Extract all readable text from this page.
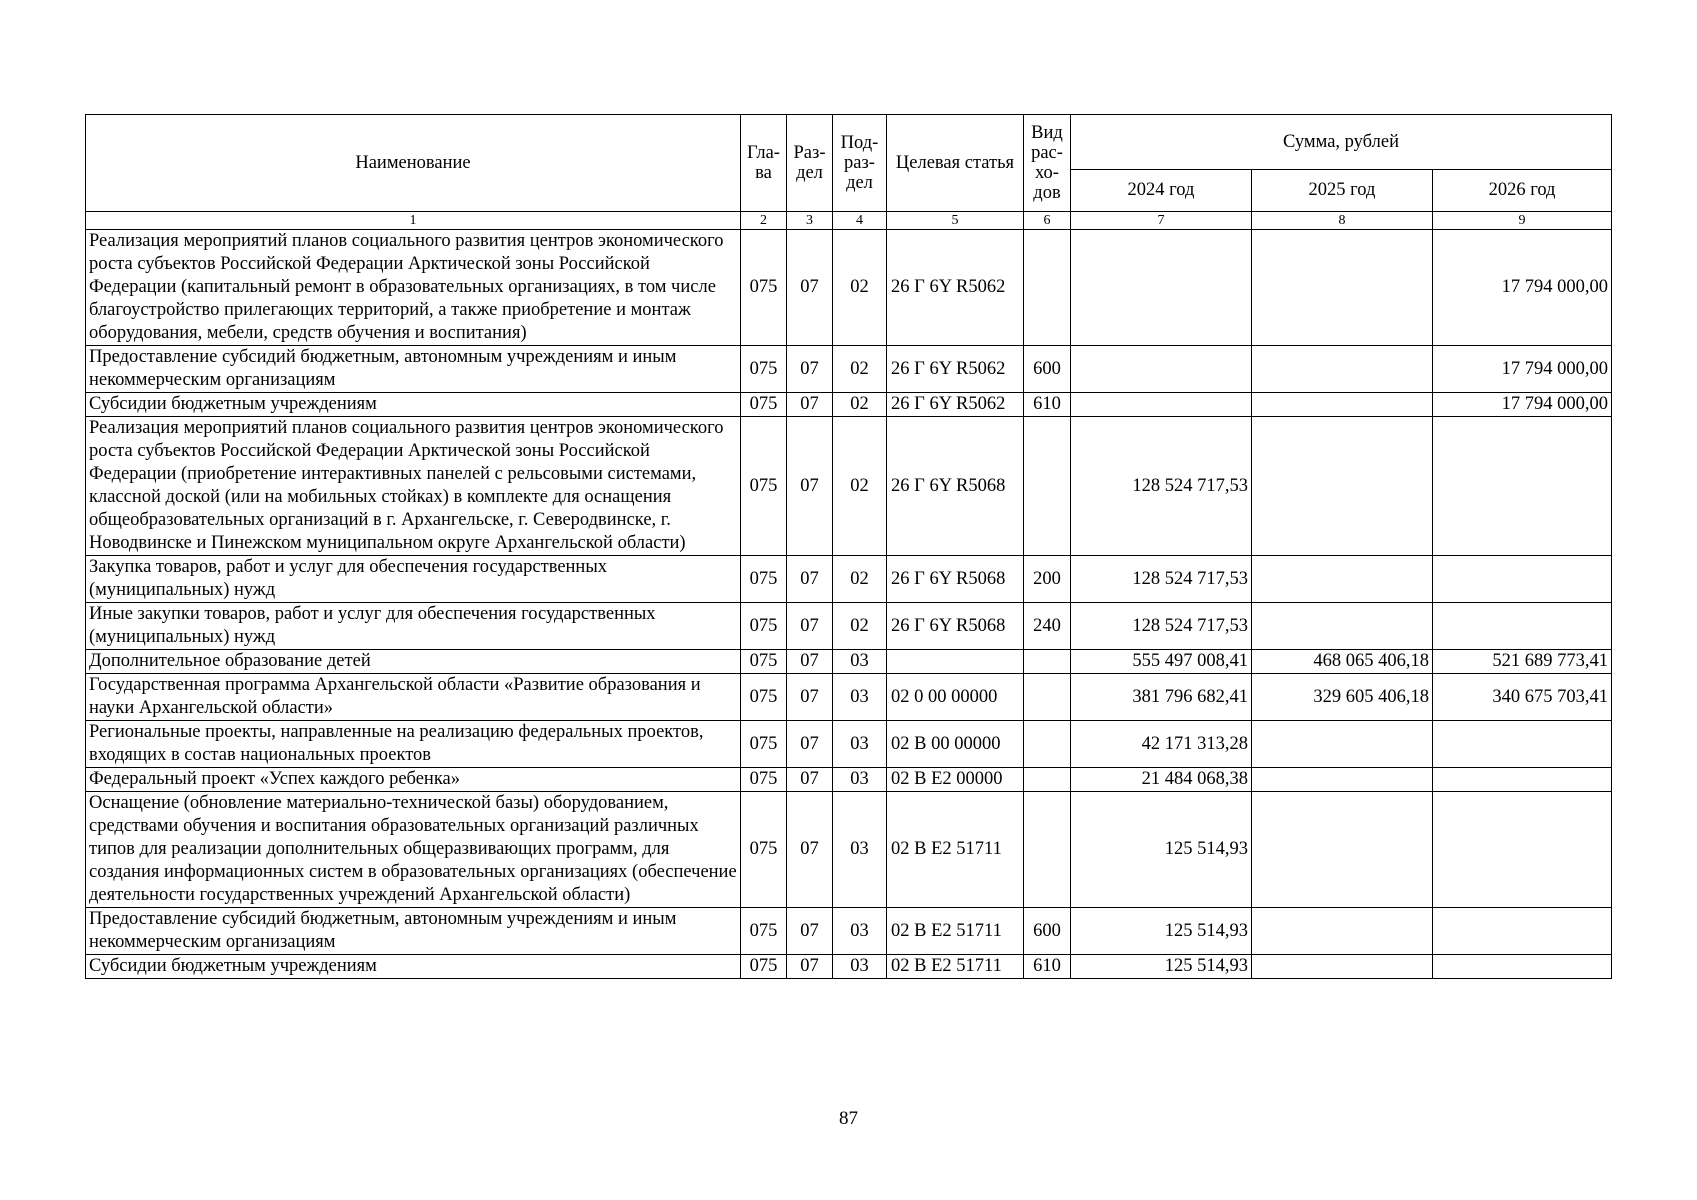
Наименование	Гла-ва	Раз-дел	Под-раз-дел	Целевая статья	Вид рас-хо-дов	Сумма, рублей		
						2024 год	2025 год	2026 год
1	2	3	4	5	6	7	8	9
Реализация мероприятий планов социального развития центров экономического роста субъектов Российской Федерации Арктической зоны Российской Федерации (капитальный ремонт в образовательных организациях, в том числе благоустройство прилегающих территорий, а также приобретение и монтаж оборудования, мебели, средств обучения и воспитания)	075	07	02	26 Г 6Y R5062				17 794 000,00
Предоставление субсидий бюджетным, автономным учреждениям и иным некоммерческим организациям	075	07	02	26 Г 6Y R5062	600			17 794 000,00
Субсидии бюджетным учреждениям	075	07	02	26 Г 6Y R5062	610			17 794 000,00
Реализация мероприятий планов социального развития центров экономического роста субъектов Российской Федерации Арктической зоны Российской Федерации (приобретение интерактивных панелей с рельсовыми системами, классной доской (или на мобильных стойках) в комплекте для оснащения общеобразовательных организаций в г. Архангельске, г. Северодвинске, г. Новодвинске и Пинежском муниципальном округе Архангельской области)	075	07	02	26 Г 6Y R5068		128 524 717,53		
Закупка товаров, работ и услуг для обеспечения государственных (муниципальных) нужд	075	07	02	26 Г 6Y R5068	200	128 524 717,53		
Иные закупки товаров, работ и услуг для обеспечения государственных (муниципальных) нужд	075	07	02	26 Г 6Y R5068	240	128 524 717,53		
Дополнительное образование детей	075	07	03			555 497 008,41	468 065 406,18	521 689 773,41
Государственная программа Архангельской области «Развитие образования и науки Архангельской области»	075	07	03	02 0 00 00000		381 796 682,41	329 605 406,18	340 675 703,41
Региональные проекты, направленные на реализацию федеральных проектов, входящих в состав национальных проектов	075	07	03	02 В 00 00000		42 171 313,28		
Федеральный проект «Успех каждого ребенка»	075	07	03	02 В Е2 00000		21 484 068,38		
Оснащение (обновление материально-технической базы) оборудованием, средствами обучения и воспитания образовательных организаций различных типов для реализации дополнительных общеразвивающих программ, для создания информационных систем в образовательных организациях (обеспечение деятельности государственных учреждений Архангельской области)	075	07	03	02 В Е2 51711		125 514,93		
Предоставление субсидий бюджетным, автономным учреждениям и иным некоммерческим организациям	075	07	03	02 В Е2 51711	600	125 514,93		
Субсидии бюджетным учреждениям	075	07	03	02 В Е2 51711	610	125 514,93		
87
